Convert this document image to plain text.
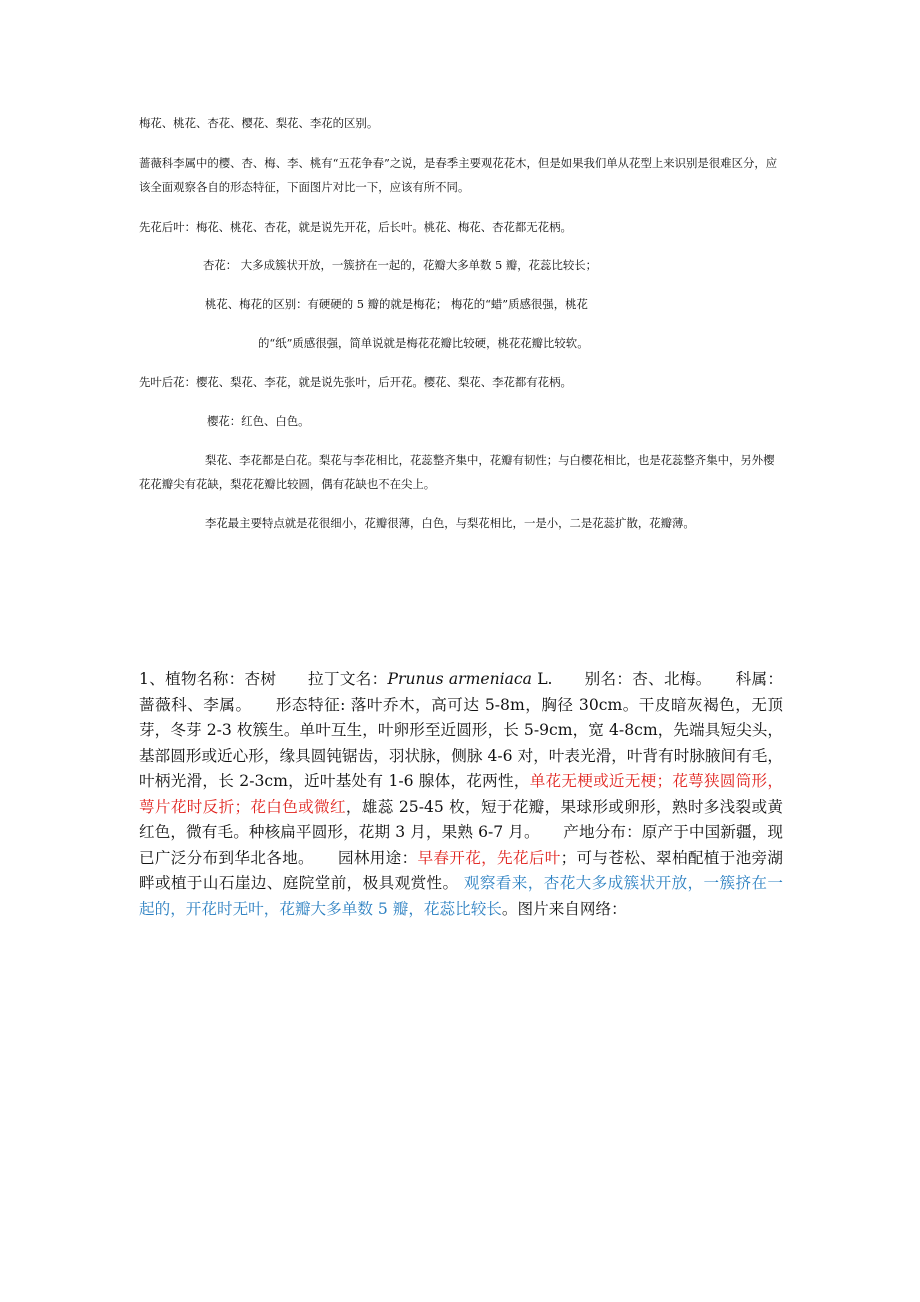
梅花、桃花、杏花、樱花、梨花、李花的区别。

蔷薇科李属中的樱、杏、梅、李、桃有“五花争春”之说，是春季主要观花花木，但是如果我们单从花型上来识别是很难区分，应

该全面观察各自的形态特征，下面图片对比一下，应该有所不同。

先花后叶：梅花、桃花、杏花，就是说先开花，后长叶。桃花、梅花、杏花都无花柄。

杏花： 大多成簇状开放，一簇挤在一起的，花瓣大多单数 5 瓣，花蕊比较长；

桃花、梅花的区别：有硬硬的 5 瓣的就是梅花； 梅花的“蜡”质感很强，桃花

的“纸”质感很强，简单说就是梅花花瓣比较硬，桃花花瓣比较软。

先叶后花：樱花、梨花、李花，就是说先张叶，后开花。樱花、梨花、李花都有花柄。

樱花：红色、白色。

梨花、李花都是白花。梨花与李花相比，花蕊整齐集中，花瓣有韧性；与白樱花相比，也是花蕊整齐集中，另外樱

花花瓣尖有花缺，梨花花瓣比较圆，偶有花缺也不在尖上。

李花最主要特点就是花很细小，花瓣很薄，白色，与梨花相比，一是小，二是花蕊扩散，花瓣薄。

1、植物名称：杏树　　拉丁文名：Prunus armeniaca L.　　别名：杏、北梅。　　科属：蔷薇科、李属。　　形态特征: 落叶乔木，高可达 5-8m，胸径 30cm。干皮暗灰褐色，无顶芽，冬芽 2-3 枚簇生。单叶互生，叶卵形至近圆形，长 5-9cm，宽 4-8cm，先端具短尖头，基部圆形或近心形，缘具圆钝锯齿，羽状脉，侧脉 4-6 对，叶表光滑，叶背有时脉腋间有毛，叶柄光滑，长 2-3cm，近叶基处有 1-6 腺体，花两性，单花无梗或近无梗；花萼狭圆筒形，萼片花时反折；花白色或微红，雄蕊 25-45 枚，短于花瓣，果球形或卵形，熟时多浅裂或黄红色，微有毛。种核扁平圆形，花期 3 月，果熟 6-7 月。　　产地分布：原产于中国新疆，现已广泛分布到华北各地。　　园林用途：早春开花，先花后叶；可与苍松、翠柏配植于池旁湖畔或植于山石崖边、庭院堂前，极具观赏性。 观察看来，杏花大多成簇状开放，一簇挤在一起的，开花时无叶，花瓣大多单数 5 瓣，花蕊比较长。图片来自网络：
